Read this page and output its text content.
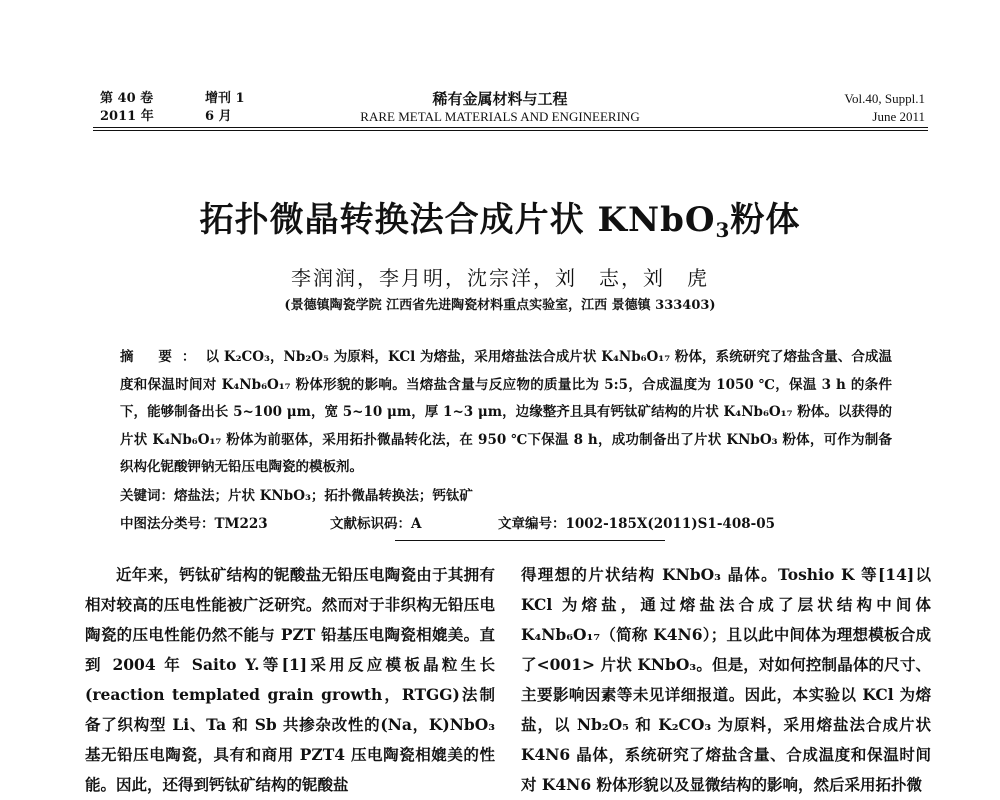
第 40 卷	增刊 1
2011 年	6 月
稀有金属材料与工程
RARE METAL MATERIALS AND ENGINEERING
Vol.40, Suppl.1
June 2011
拓扑微晶转换法合成片状 KNbO$_3$粉体
李润润，李月明，沈宗洋，刘　志，刘　虎
(景德镇陶瓷学院 江西省先进陶瓷材料重点实验室，江西 景德镇 333403)
摘 要：以 K₂CO₃，Nb₂O₅ 为原料，KCl 为熔盐，采用熔盐法合成片状 K₄Nb₆O₁₇ 粉体，系统研究了熔盐含量、合成温度和保温时间对 K₄Nb₆O₁₇ 粉体形貌的影响。当熔盐含量与反应物的质量比为 5:5，合成温度为 1050 ℃，保温 3 h 的条件下，能够制备出长 5~100 μm，宽 5~10 μm，厚 1~3 μm，边缘整齐且具有钙钛矿结构的片状 K₄Nb₆O₁₇ 粉体。以获得的片状 K₄Nb₆O₁₇ 粉体为前驱体，采用拓扑微晶转化法，在 950 ℃下保温 8 h，成功制备出了片状 KNbO₃ 粉体，可作为制备织构化铌酸钾钠无铅压电陶瓷的模板剂。
关键词：熔盐法；片状 KNbO₃；拓扑微晶转换法；钙钛矿
中图法分类号：TM223	文献标识码：A	文章编号：1002-185X(2011)S1-408-05

近年来，钙钛矿结构的铌酸盐无铅压电陶瓷由于其拥有相对较高的压电性能被广泛研究。然而对于非织构无铅压电陶瓷的压电性能仍然不能与 PZT 铅基压电陶瓷相媲美。直到 2004 年 Saito Y.等[1]采用反应模板晶粒生长(reaction templated grain growth，RTGG)法制备了织构型 Li、Ta 和 Sb 共掺杂改性的(Na，K)NbO₃ 基无铅压电陶瓷，具有和商用 PZT4 压电陶瓷相媲美的性能。因此，还得到钙钛矿结构的铌酸盐

得理想的片状结构 KNbO₃ 晶体。Toshio K 等[14]以 KCl 为熔盐，通过熔盐法合成了层状结构中间体 K₄Nb₆O₁₇（简称 K4N6）；且以此中间体为理想模板合成了<001> 片状 KNbO₃。但是，对如何控制晶体的尺寸、主要影响因素等未见详细报道。因此，本实验以 KCl 为熔盐，以 Nb₂O₅ 和 K₂CO₃ 为原料，采用熔盐法合成片状 K4N6 晶体，系统研究了熔盐含量、合成温度和保温时间对 K4N6 粉体形貌以及显微结构的影响，然后采用拓扑微
